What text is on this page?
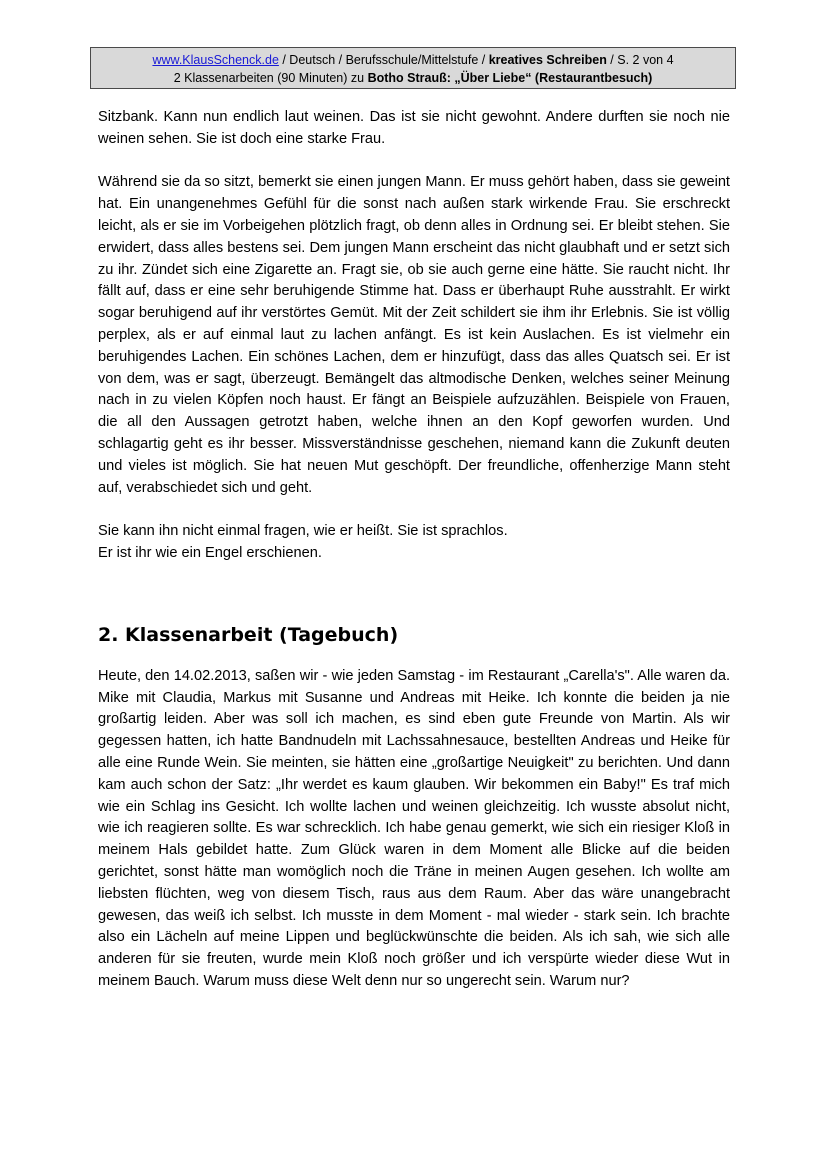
www.KlausSchenck.de / Deutsch / Berufsschule/Mittelstufe / kreatives Schreiben / S. 2 von 4
2 Klassenarbeiten (90 Minuten) zu Botho Strauß: „Über Liebe“ (Restaurantbesuch)

Sitzbank. Kann nun endlich laut weinen. Das ist sie nicht gewohnt. Andere durften sie noch nie weinen sehen. Sie ist doch eine starke Frau.

Während sie da so sitzt, bemerkt sie einen jungen Mann. Er muss gehört haben, dass sie geweint hat. Ein unangenehmes Gefühl für die sonst nach außen stark wirkende Frau. Sie erschreckt leicht, als er sie im Vorbeigehen plötzlich fragt, ob denn alles in Ordnung sei. Er bleibt stehen. Sie erwidert, dass alles bestens sei. Dem jungen Mann erscheint das nicht glaubhaft und er setzt sich zu ihr. Zündet sich eine Zigarette an. Fragt sie, ob sie auch gerne eine hätte. Sie raucht nicht. Ihr fällt auf, dass er eine sehr beruhigende Stimme hat. Dass er überhaupt Ruhe ausstrahlt. Er wirkt sogar beruhigend auf ihr verstörtes Gemüt. Mit der Zeit schildert sie ihm ihr Erlebnis. Sie ist völlig perplex, als er auf einmal laut zu lachen anfängt. Es ist kein Auslachen. Es ist vielmehr ein beruhigendes Lachen. Ein schönes Lachen, dem er hinzufügt, dass das alles Quatsch sei. Er ist von dem, was er sagt, überzeugt. Bemängelt das altmodische Denken, welches seiner Meinung nach in zu vielen Köpfen noch haust. Er fängt an Beispiele aufzuzählen. Beispiele von Frauen, die all den Aussagen getrotzt haben, welche ihnen an den Kopf geworfen wurden. Und schlagartig geht es ihr besser. Missverständnisse geschehen, niemand kann die Zukunft deuten und vieles ist möglich. Sie hat neuen Mut geschöpft. Der freundliche, offenherzige Mann steht auf, verabschiedet sich und geht.

Sie kann ihn nicht einmal fragen, wie er heißt. Sie ist sprachlos.
Er ist ihr wie ein Engel erschienen.

2. Klassenarbeit (Tagebuch)

Heute, den 14.02.2013, saßen wir - wie jeden Samstag - im Restaurant „Carella's". Alle waren da. Mike mit Claudia, Markus mit Susanne und Andreas mit Heike. Ich konnte die beiden ja nie großartig leiden. Aber was soll ich machen, es sind eben gute Freunde von Martin. Als wir gegessen hatten, ich hatte Bandnudeln mit Lachssahnesauce, bestellten Andreas und Heike für alle eine Runde Wein. Sie meinten, sie hätten eine „großartige Neuigkeit" zu berichten. Und dann kam auch schon der Satz: „Ihr werdet es kaum glauben. Wir bekommen ein Baby!" Es traf mich wie ein Schlag ins Gesicht. Ich wollte lachen und weinen gleichzeitig. Ich wusste absolut nicht, wie ich reagieren sollte. Es war schrecklich. Ich habe genau gemerkt, wie sich ein riesiger Kloß in meinem Hals gebildet hatte. Zum Glück waren in dem Moment alle Blicke auf die beiden gerichtet, sonst hätte man womöglich noch die Träne in meinen Augen gesehen. Ich wollte am liebsten flüchten, weg von diesem Tisch, raus aus dem Raum. Aber das wäre unangebracht gewesen, das weiß ich selbst. Ich musste in dem Moment - mal wieder - stark sein. Ich brachte also ein Lächeln auf meine Lippen und beglückwünschte die beiden. Als ich sah, wie sich alle anderen für sie freuten, wurde mein Kloß noch größer und ich verspürte wieder diese Wut in meinem Bauch. Warum muss diese Welt denn nur so ungerecht sein. Warum nur?
